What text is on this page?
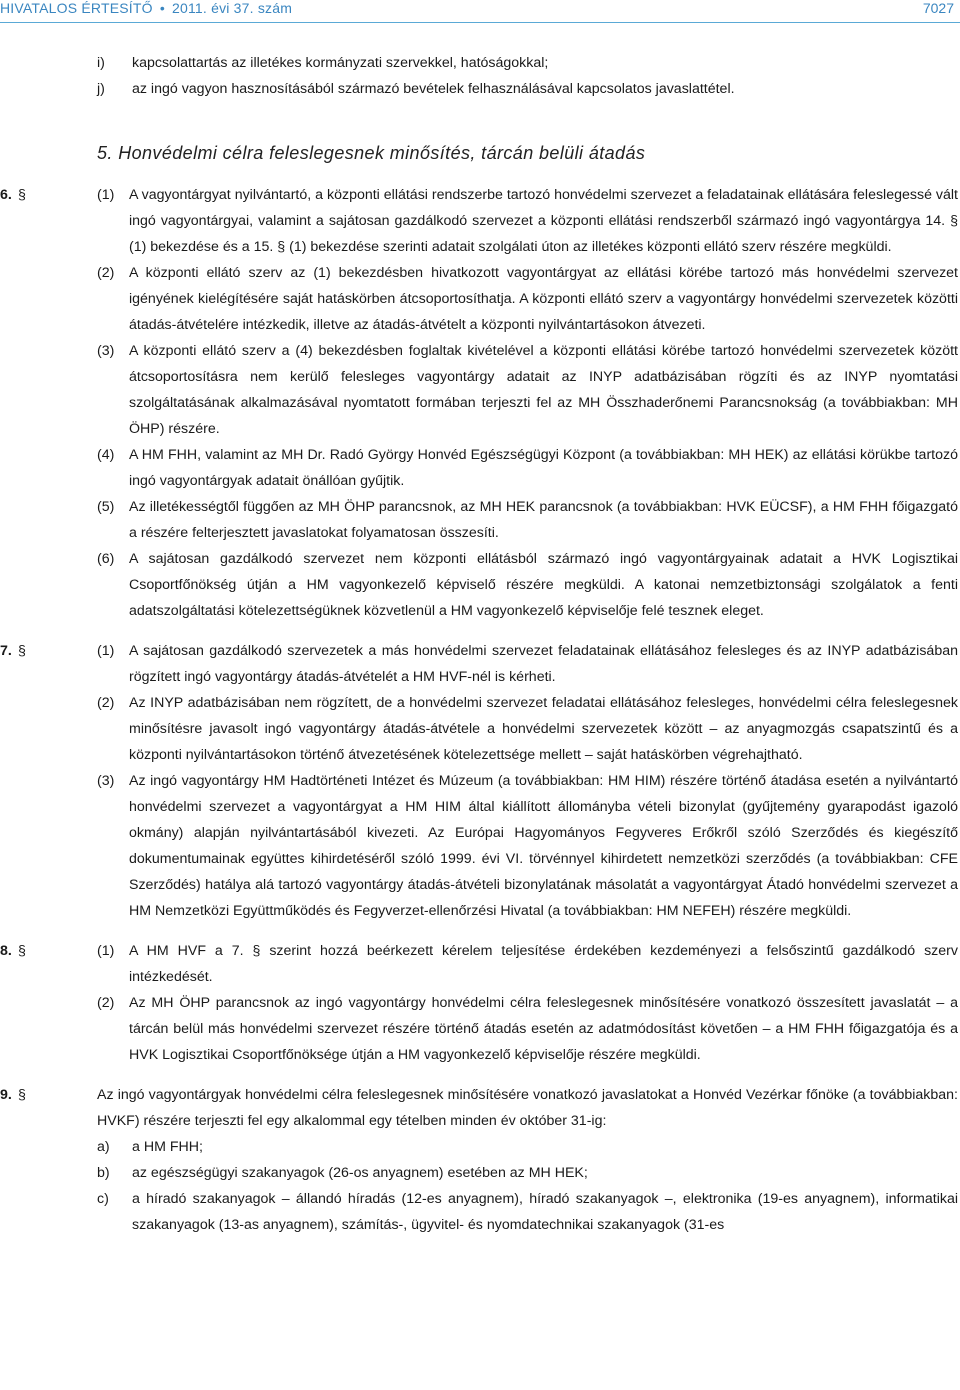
HIVATALOS ÉRTESÍTŐ • 2011. évi 37. szám	7027
i) kapcsolattartás az illetékes kormányzati szervekkel, hatóságokkal;
j) az ingó vagyon hasznosításából származó bevételek felhasználásával kapcsolatos javaslattétel.
5. Honvédelmi célra feleslegesnek minősítés, tárcán belüli átadás
6. §	(1) A vagyontárgyat nyilvántartó, a központi ellátási rendszerbe tartozó honvédelmi szervezet a feladatainak ellátására feleslegessé vált ingó vagyontárgyai, valamint a sajátosan gazdálkodó szervezet a központi ellátási rendszerből származó ingó vagyontárgya 14. § (1) bekezdése és a 15. § (1) bekezdése szerinti adatait szolgálati úton az illetékes központi ellátó szerv részére megküldi.
(2) A központi ellátó szerv az (1) bekezdésben hivatkozott vagyontárgyat az ellátási körébe tartozó más honvédelmi szervezet igényének kielégítésére saját hatáskörben átcsoportosíthatja. A központi ellátó szerv a vagyontárgy honvédelmi szervezetek közötti átadás-átvételére intézkedik, illetve az átadás-átvételt a központi nyilvántartásokon átvezeti.
(3) A központi ellátó szerv a (4) bekezdésben foglaltak kivételével a központi ellátási körébe tartozó honvédelmi szervezetek között átcsoportosításra nem kerülő felesleges vagyontárgy adatait az INYP adatbázisában rögzíti és az INYP nyomtatási szolgáltatásának alkalmazásával nyomtatott formában terjeszti fel az MH Összhaderőnemi Parancsnokság (a továbbiakban: MH ÖHP) részére.
(4) A HM FHH, valamint az MH Dr. Radó György Honvéd Egészségügyi Központ (a továbbiakban: MH HEK) az ellátási körükbe tartozó ingó vagyontárgyak adatait önállóan gyűjtik.
(5) Az illetékességtől függően az MH ÖHP parancsnok, az MH HEK parancsnok (a továbbiakban: HVK EÜCSF), a HM FHH főigazgató a részére felterjesztett javaslatokat folyamatosan összesíti.
(6) A sajátosan gazdálkodó szervezet nem központi ellátásból származó ingó vagyontárgyainak adatait a HVK Logisztikai Csoportfőnökség útján a HM vagyonkezelő képviselő részére megküldi. A katonai nemzetbiztonsági szolgálatok a fenti adatszolgáltatási kötelezettségüknek közvetlenül a HM vagyonkezelő képviselője felé tesznek eleget.
7. §	(1) A sajátosan gazdálkodó szervezetek a más honvédelmi szervezet feladatainak ellátásához felesleges és az INYP adatbázisában rögzített ingó vagyontárgy átadás-átvételét a HM HVF-nél is kérheti.
(2) Az INYP adatbázisában nem rögzített, de a honvédelmi szervezet feladatai ellátásához felesleges, honvédelmi célra feleslegesnek minősítésre javasolt ingó vagyontárgy átadás-átvétele a honvédelmi szervezetek között – az anyagmozgás csapatszintű és a központi nyilvántartásokon történő átvezetésének kötelezettsége mellett – saját hatáskörben végrehajtható.
(3) Az ingó vagyontárgy HM Hadtörténeti Intézet és Múzeum (a továbbiakban: HM HIM) részére történő átadása esetén a nyilvántartó honvédelmi szervezet a vagyontárgyat a HM HIM által kiállított állományba vételi bizonylat (gyűjtemény gyarapodást igazoló okmány) alapján nyilvántartásából kivezeti. Az Európai Hagyományos Fegyveres Erőkről szóló Szerződés és kiegészítő dokumentumainak együttes kihirdetéséről szóló 1999. évi VI. törvénnyel kihirdetett nemzetközi szerződés (a továbbiakban: CFE Szerződés) hatálya alá tartozó vagyontárgy átadás-átvételi bizonylatának másolatát a vagyontárgyat Átadó honvédelmi szervezet a HM Nemzetközi Együttműködés és Fegyverzet-ellenőrzési Hivatal (a továbbiakban: HM NEFEH) részére megküldi.
8. §	(1) A HM HVF a 7. § szerint hozzá beérkezett kérelem teljesítése érdekében kezdeményezi a felsőszintű gazdálkodó szerv intézkedését.
(2) Az MH ÖHP parancsnok az ingó vagyontárgy honvédelmi célra feleslegesnek minősítésére vonatkozó összesített javaslatát – a tárcán belül más honvédelmi szervezet részére történő átadás esetén az adatmódosítást követően – a HM FHH főigazgatója és a HVK Logisztikai Csoportfőnöksége útján a HM vagyonkezelő képviselője részére megküldi.
9. §	Az ingó vagyontárgyak honvédelmi célra feleslegesnek minősítésére vonatkozó javaslatokat a Honvéd Vezérkar főnöke (a továbbiakban: HVKF) részére terjeszti fel egy alkalommal egy tételben minden év október 31-ig:
a) a HM FHH;
b) az egészségügyi szakanyagok (26-os anyagnem) esetében az MH HEK;
c) a híradó szakanyagok – állandó híradás (12-es anyagnem), híradó szakanyagok –, elektronika (19-es anyagnem), informatikai szakanyagok (13-as anyagnem), számítás-, ügyvitel- és nyomdatechnikai szakanyagok (31-es
